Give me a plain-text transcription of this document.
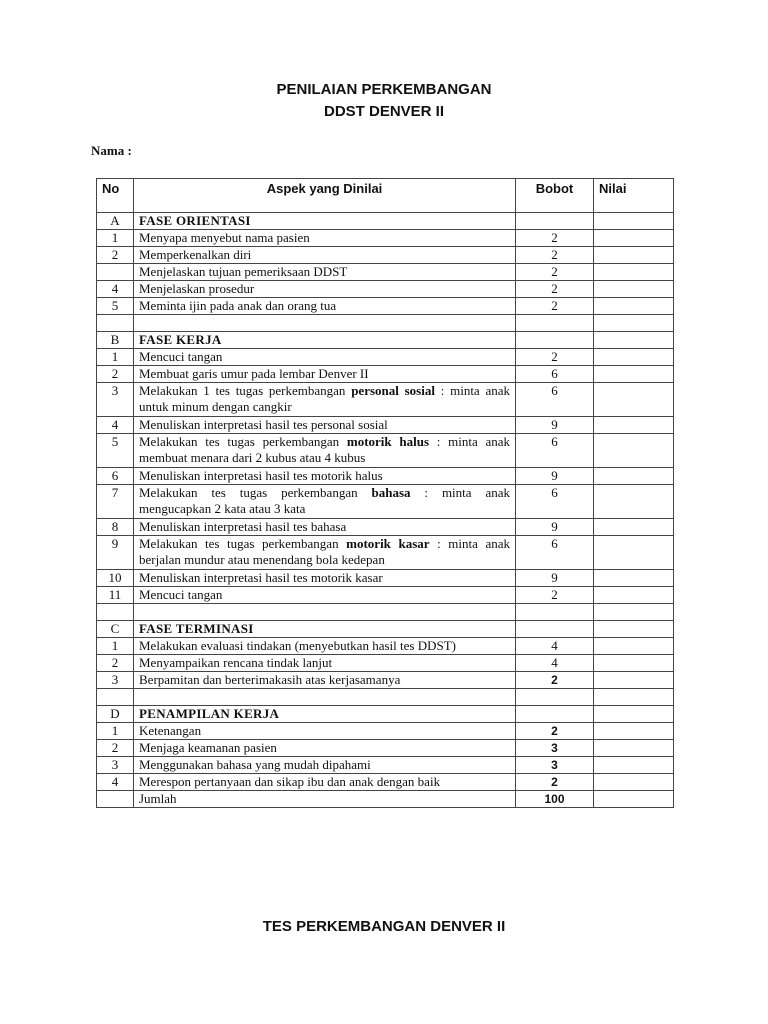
PENILAIAN PERKEMBANGAN
DDST DENVER II
Nama :
No	Aspek yang Dinilai	Bobot	Nilai
A	FASE ORIENTASI		
1	Menyapa menyebut nama pasien	2	
2	Memperkenalkan diri	2	
	Menjelaskan tujuan pemeriksaan DDST	2	
4	Menjelaskan prosedur	2	
5	Meminta ijin pada anak dan orang tua	2	

B	FASE KERJA		
1	Mencuci tangan	2	
2	Membuat garis umur pada lembar Denver II	6	
3	Melakukan 1 tes tugas perkembangan personal sosial : minta anak untuk minum dengan cangkir	6	
4	Menuliskan interpretasi hasil tes personal sosial	9	
5	Melakukan tes tugas perkembangan motorik halus : minta anak membuat menara dari 2 kubus atau 4 kubus	6	
6	Menuliskan interpretasi hasil tes motorik halus	9	
7	Melakukan tes tugas perkembangan bahasa : minta anak mengucapkan 2 kata atau 3 kata	6	
8	Menuliskan interpretasi hasil tes bahasa	9	
9	Melakukan tes tugas perkembangan motorik kasar : minta anak berjalan mundur atau menendang bola kedepan	6	
10	Menuliskan interpretasi hasil tes motorik kasar	9	
11	Mencuci tangan	2	

C	FASE TERMINASI		
1	Melakukan evaluasi tindakan (menyebutkan hasil tes DDST)	4	
2	Menyampaikan rencana tindak lanjut	4	
3	Berpamitan dan berterimakasih atas kerjasamanya	2	

D	PENAMPILAN KERJA		
1	Ketenangan	2	
2	Menjaga keamanan pasien	3	
3	Menggunakan bahasa yang mudah dipahami	3	
4	Merespon pertanyaan dan sikap ibu dan anak dengan baik	2	
	Jumlah	100	
TES PERKEMBANGAN DENVER II
